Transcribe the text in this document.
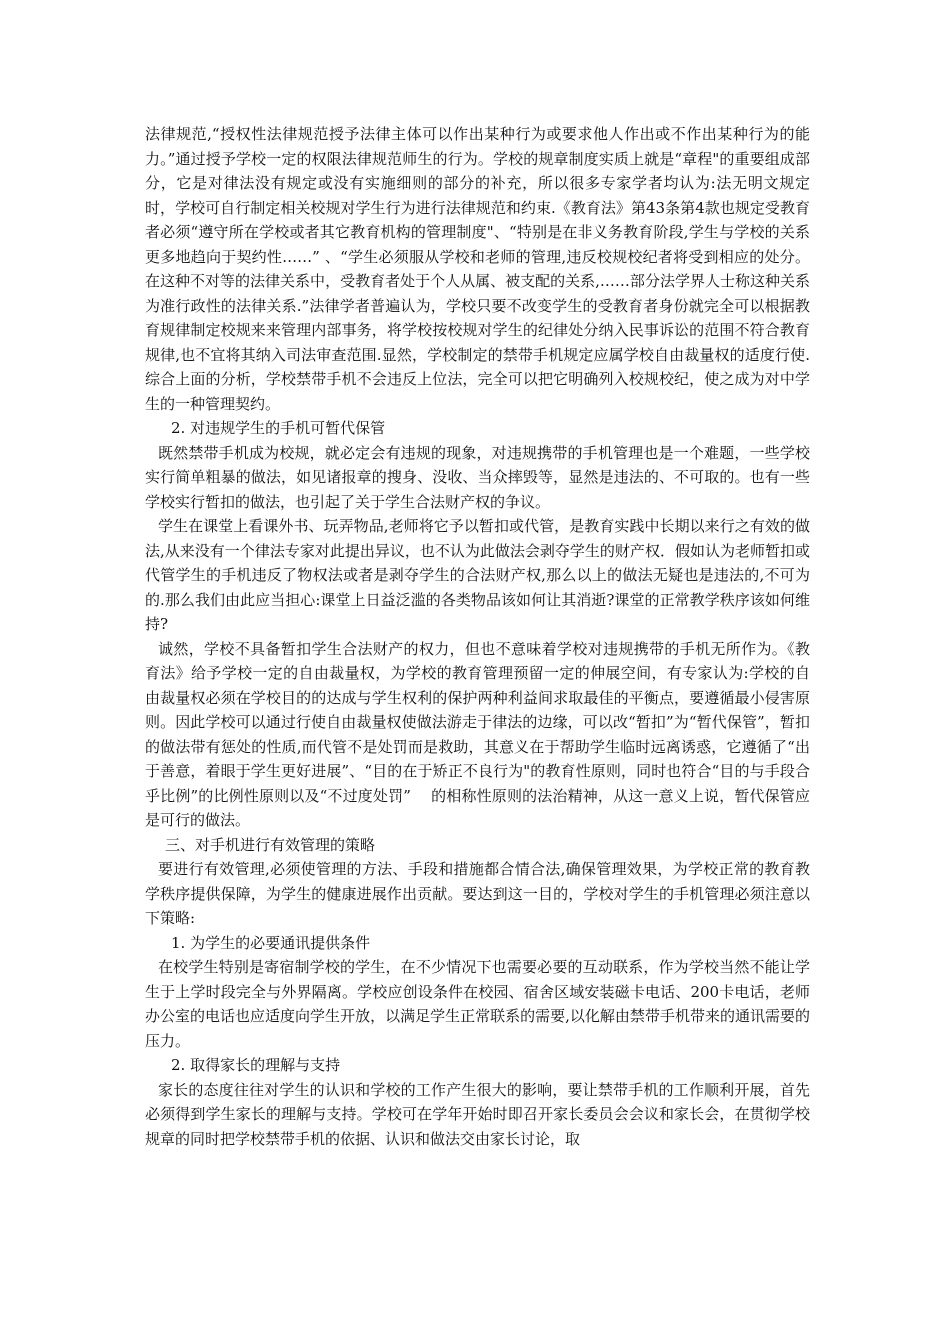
法律规范,“授权性法律规范授予法律主体可以作出某种行为或要求他人作出或不作出某种行为的能力。”通过授予学校一定的权限法律规范师生的行为。学校的规章制度实质上就是“章程"的重要组成部分，它是对律法没有规定或没有实施细则的部分的补充，所以很多专家学者均认为:法无明文规定时，学校可自行制定相关校规对学生行为进行法律规范和约束.《教育法》第43条第4款也规定受教育者必须“遵守所在学校或者其它教育机构的管理制度"、“特别是在非义务教育阶段,学生与学校的关系更多地趋向于契约性……” 、“学生必须服从学校和老师的管理,违反校规校纪者将受到相应的处分。在这种不对等的法律关系中，受教育者处于个人从属、被支配的关系,……部分法学界人士称这种关系为准行政性的法律关系.”法律学者普遍认为，学校只要不改变学生的受教育者身份就完全可以根据教育规律制定校规来来管理内部事务，将学校按校规对学生的纪律处分纳入民事诉讼的范围不符合教育规律,也不宜将其纳入司法审查范围.显然，学校制定的禁带手机规定应属学校自由裁量权的适度行使.综合上面的分析，学校禁带手机不会违反上位法，完全可以把它明确列入校规校纪，使之成为对中学生的一种管理契约。

2. 对违规学生的手机可暂代保管

既然禁带手机成为校规，就必定会有违规的现象，对违规携带的手机管理也是一个难题，一些学校实行简单粗暴的做法，如见诸报章的搜身、没收、当众摔毁等，显然是违法的、不可取的。也有一些学校实行暂扣的做法，也引起了关于学生合法财产权的争议。

学生在课堂上看课外书、玩弄物品,老师将它予以暂扣或代管，是教育实践中长期以来行之有效的做法,从来没有一个律法专家对此提出异议，也不认为此做法会剥夺学生的财产权．假如认为老师暂扣或代管学生的手机违反了物权法或者是剥夺学生的合法财产权,那么以上的做法无疑也是违法的,不可为的.那么我们由此应当担心:课堂上日益泛滥的各类物品该如何让其消逝?课堂的正常教学秩序该如何维持?

诚然，学校不具备暂扣学生合法财产的权力，但也不意味着学校对违规携带的手机无所作为。《教育法》给予学校一定的自由裁量权，为学校的教育管理预留一定的伸展空间，有专家认为:学校的自由裁量权必须在学校目的的达成与学生权利的保护两种利益间求取最佳的平衡点，要遵循最小侵害原则。因此学校可以通过行使自由裁量权使做法游走于律法的边缘，可以改“暂扣”为“暂代保管”，暂扣的做法带有惩处的性质,而代管不是处罚而是救助，其意义在于帮助学生临时远离诱惑，它遵循了“出于善意，着眼于学生更好进展”、“目的在于矫正不良行为"的教育性原则，同时也符合“目的与手段合乎比例”的比例性原则以及“不过度处罚”　 的相称性原则的法治精神，从这一意义上说，暂代保管应是可行的做法。

三、对手机进行有效管理的策略

要进行有效管理,必须使管理的方法、手段和措施都合情合法,确保管理效果，为学校正常的教育教学秩序提供保障，为学生的健康进展作出贡献。要达到这一目的，学校对学生的手机管理必须注意以下策略:

1. 为学生的必要通讯提供条件

在校学生特别是寄宿制学校的学生，在不少情况下也需要必要的互动联系，作为学校当然不能让学生于上学时段完全与外界隔离。学校应创设条件在校园、宿舍区域安装磁卡电话、200卡电话，老师办公室的电话也应适度向学生开放，以满足学生正常联系的需要,以化解由禁带手机带来的通讯需要的压力。

2. 取得家长的理解与支持

家长的态度往往对学生的认识和学校的工作产生很大的影响，要让禁带手机的工作顺利开展，首先必须得到学生家长的理解与支持。学校可在学年开始时即召开家长委员会会议和家长会，在贯彻学校规章的同时把学校禁带手机的依据、认识和做法交由家长讨论，取
